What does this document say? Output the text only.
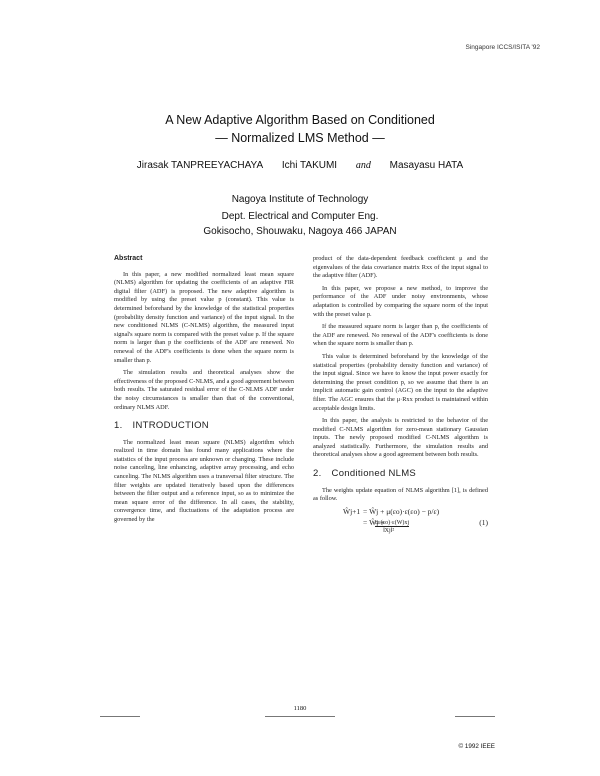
Singapore ICCS/ISITA '92
A New Adaptive Algorithm Based on Conditioned
— Normalized LMS Method —
Jirasak TANPREEYACHAYA Ichi TAKUMI and Masayasu HATA
Nagoya Institute of Technology
Dept. Electrical and Computer Eng.
Gokisocho, Shouwaku, Nagoya 466 JAPAN
Abstract

In this paper, a new modified normalized least mean square (NLMS) algorithm for updating the coefficients of an adaptive FIR digital filter (ADF) is proposed. The new adaptive algorithm is modified by using the preset value p (constant). This value is determined beforehand by the knowledge of the statistical properties (probability density function and variance) of the input signal. In the new conditioned NLMS (C-NLMS) algorithm, the measured input signal's square norm is compared with the preset value p. If the square norm is larger than p the coefficients of the ADF are renewed. No renewal of the ADF's coefficients is done when the square norm is smaller than p.

The simulation results and theoretical analyses show the effectiveness of the proposed C-NLMS, and a good agreement between both results. The saturated residual error of the C-NLMS ADF under the noisy circumstances is smaller than that of the conventional, ordinary NLMS ADF.

1. INTRODUCTION

The normalized least mean square (NLMS) algorithm which realized in time domain has found many applications where the statistics of the input process are unknown or changing. These include noise canceling, line enhancing, adaptive array processing, and echo canceling. The NLMS algorithm uses a transversal filter structure. The filter weights are updated iteratively based upon the differences between the filter output and a reference input, so as to minimize the mean square error of the difference. In all cases, the stability, convergence time, and fluctuations of the adaptation process are governed by the

product of the data-dependent feedback coefficient μ and the eigenvalues of the data covariance matrix Rxx of the input signal to the adaptive filter (ADF).

In this paper, we propose a new method, to improve the performance of the ADF under noisy environments, whose adaptation is controlled by comparing the square norm of the input with the preset value p.

If the measured square norm is larger than p, the coefficients of the ADF are renewed. No renewal of the ADF's coefficients is done when the square norm is smaller than p.

This value is determined beforehand by the knowledge of the statistical properties (probability density function and variance) of the input signal. Since we have to know the input power exactly for determining the preset condition p, so we assume that there is an implicit automatic gain control (AGC) on the input to the adaptive filter. The AGC ensures that the μ·Rxx product is maintained within acceptable design limits.

In this paper, the analysis is restricted to the behavior of the modified C-NLMS algorithm for zero-mean stationary Gaussian inputs. The newly proposed modified C-NLMS algorithm is analyzed statistically. Furthermore, the simulation results and theoretical analyses show a good agreement between both results.

2. Conditioned NLMS

The weights update equation of NLMS algorithm [1], is defined as follow.

Ŵj+1 = Ŵj + μ(εo)·ε(εo) − p/ε)
= Ŵj +
αε(εo)·ε(W)xj
‖Xj‖²
(1)
1180
© 1992 IEEE
